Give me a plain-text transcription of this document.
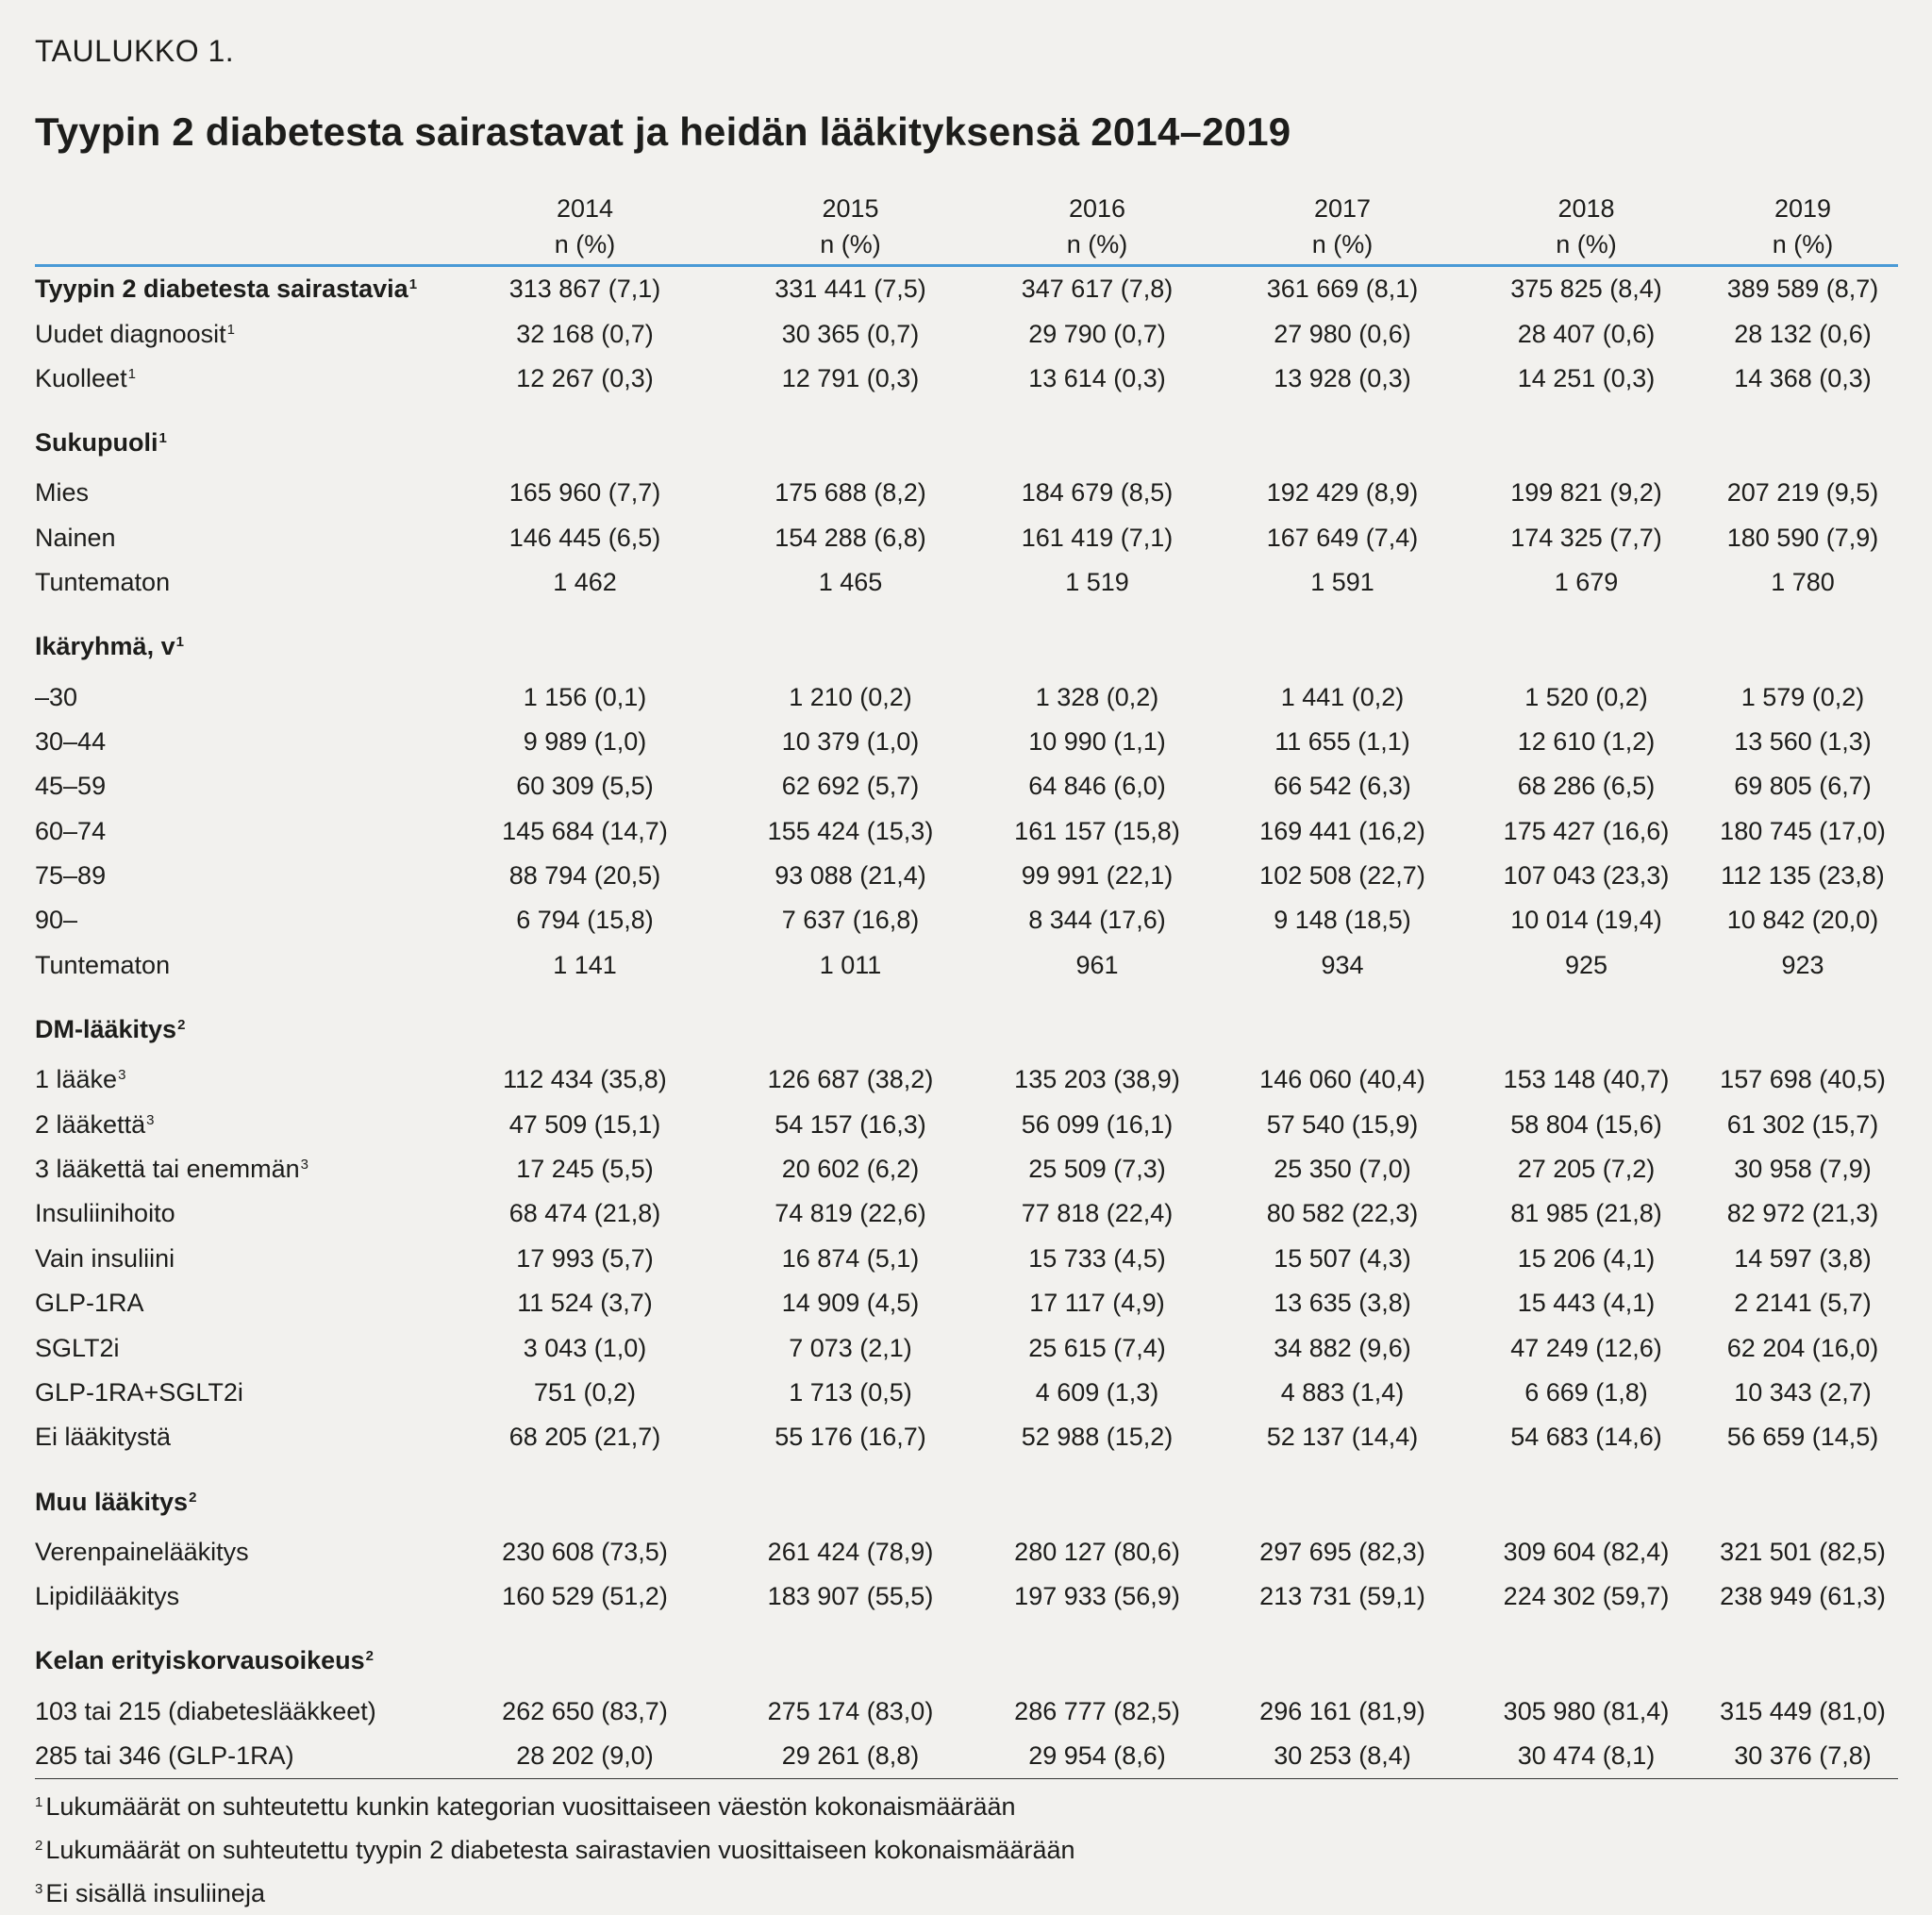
TAULUKKO 1.

Tyypin 2 diabetesta sairastavat ja heidän lääkityksensä 2014–2019
	2014	2015	2016	2017	2018	2019
	n (%)	n (%)	n (%)	n (%)	n (%)	n (%)
Tyypin 2 diabetesta sairastavia$^1$	313 867 (7,1)	331 441 (7,5)	347 617 (7,8)	361 669 (8,1)	375 825 (8,4)	389 589 (8,7)
Uudet diagnoosit$^1$	32 168 (0,7)	30 365 (0,7)	29 790 (0,7)	27 980 (0,6)	28 407 (0,6)	28 132 (0,6)
Kuolleet$^1$	12 267 (0,3)	12 791 (0,3)	13 614 (0,3)	13 928 (0,3)	14 251 (0,3)	14 368 (0,3)
Sukupuoli$^1$						
Mies	165 960 (7,7)	175 688 (8,2)	184 679 (8,5)	192 429 (8,9)	199 821 (9,2)	207 219 (9,5)
Nainen	146 445 (6,5)	154 288 (6,8)	161 419 (7,1)	167 649 (7,4)	174 325 (7,7)	180 590 (7,9)
Tuntematon	1 462	1 465	1 519	1 591	1 679	1 780
Ikäryhmä, $v^1$						
–30	1 156 (0,1)	1 210 (0,2)	1 328 (0,2)	1 441 (0,2)	1 520 (0,2)	1 579 (0,2)
30–44	9 989 (1,0)	10 379 (1,0)	10 990 (1,1)	11 655 (1,1)	12 610 (1,2)	13 560 (1,3)
45–59	60 309 (5,5)	62 692 (5,7)	64 846 (6,0)	66 542 (6,3)	68 286 (6,5)	69 805 (6,7)
60–74	145 684 (14,7)	155 424 (15,3)	161 157 (15,8)	169 441 (16,2)	175 427 (16,6)	180 745 (17,0)
75–89	88 794 (20,5)	93 088 (21,4)	99 991 (22,1)	102 508 (22,7)	107 043 (23,3)	112 135 (23,8)
90–	6 794 (15,8)	7 637 (16,8)	8 344 (17,6)	9 148 (18,5)	10 014 (19,4)	10 842 (20,0)
Tuntematon	1 141	1 011	961	934	925	923
DM-lääkitys$^2$						
1 lääke$^3$	112 434 (35,8)	126 687 (38,2)	135 203 (38,9)	146 060 (40,4)	153 148 (40,7)	157 698 (40,5)
2 lääkettä$^3$	47 509 (15,1)	54 157 (16,3)	56 099 (16,1)	57 540 (15,9)	58 804 (15,6)	61 302 (15,7)
3 lääkettä tai enemmän$^3$	17 245 (5,5)	20 602 (6,2)	25 509 (7,3)	25 350 (7,0)	27 205 (7,2)	30 958 (7,9)
Insuliinihoito	68 474 (21,8)	74 819 (22,6)	77 818 (22,4)	80 582 (22,3)	81 985 (21,8)	82 972 (21,3)
Vain insuliini	17 993 (5,7)	16 874 (5,1)	15 733 (4,5)	15 507 (4,3)	15 206 (4,1)	14 597 (3,8)
GLP-1RA	11 524 (3,7)	14 909 (4,5)	17 117 (4,9)	13 635 (3,8)	15 443 (4,1)	2 2141 (5,7)
SGLT2i	3 043 (1,0)	7 073 (2,1)	25 615 (7,4)	34 882 (9,6)	47 249 (12,6)	62 204 (16,0)
GLP-1RA+SGLT2i	751 (0,2)	1 713 (0,5)	4 609 (1,3)	4 883 (1,4)	6 669 (1,8)	10 343 (2,7)
Ei lääkitystä	68 205 (21,7)	55 176 (16,7)	52 988 (15,2)	52 137 (14,4)	54 683 (14,6)	56 659 (14,5)
Muu lääkitys$^2$						
Verenpainelääkitys	230 608 (73,5)	261 424 (78,9)	280 127 (80,6)	297 695 (82,3)	309 604 (82,4)	321 501 (82,5)
Lipidilääkitys	160 529 (51,2)	183 907 (55,5)	197 933 (56,9)	213 731 (59,1)	224 302 (59,7)	238 949 (61,3)
Kelan erityiskorvausoikeus$^2$						
103 tai 215 (diabeteslääkkeet)	262 650 (83,7)	275 174 (83,0)	286 777 (82,5)	296 161 (81,9)	305 980 (81,4)	315 449 (81,0)
285 tai 346 (GLP-1RA)	28 202 (9,0)	29 261 (8,8)	29 954 (8,6)	30 253 (8,4)	30 474 (8,1)	30 376 (7,8)
$^1$ Lukumäärät on suhteutettu kunkin kategorian vuosittaiseen väestön kokonaismäärään
$^2$ Lukumäärät on suhteutettu tyypin 2 diabetesta sairastavien vuosittaiseen kokonaismäärään
$^3$ Ei sisällä insuliineja
